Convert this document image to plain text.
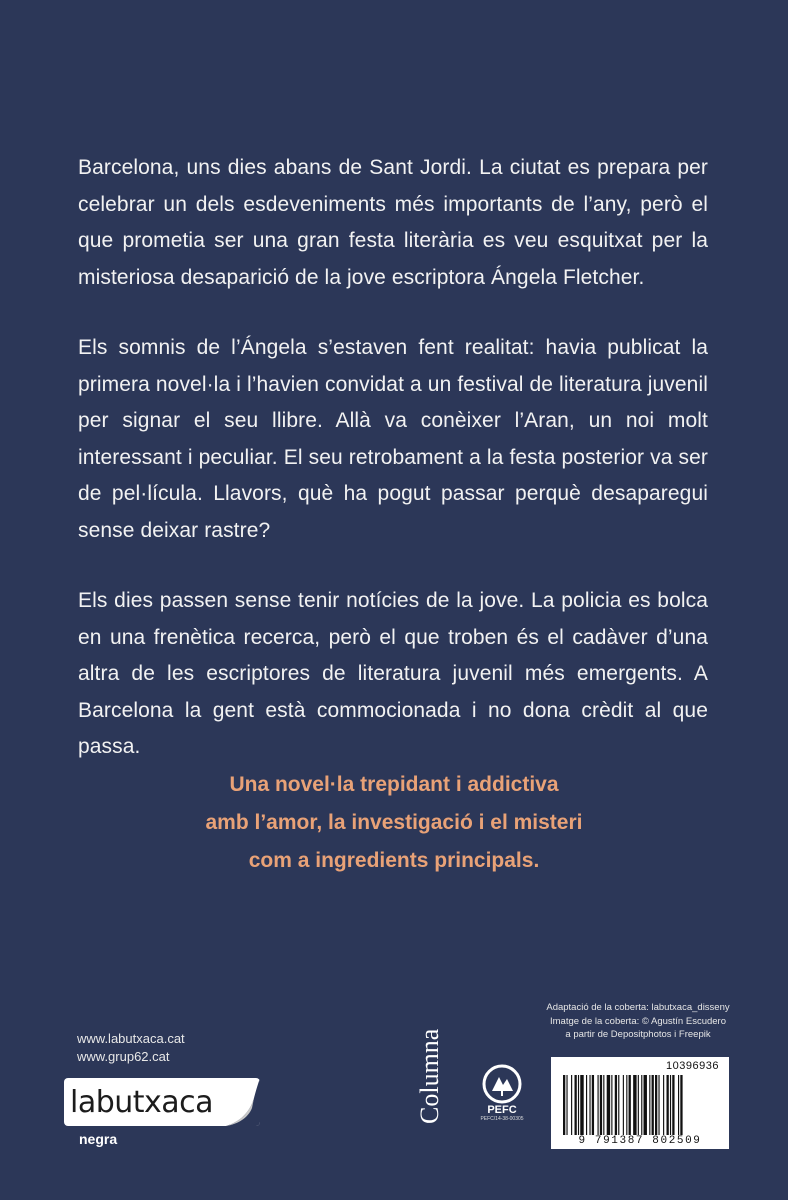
Barcelona, uns dies abans de Sant Jordi. La ciutat es prepara per celebrar un dels esdeveniments més importants de l’any, però el que prometia ser una gran festa literària es veu esquitxat per la misteriosa desaparició de la jove escriptora Ángela Fletcher.

Els somnis de l’Ángela s’estaven fent realitat: havia publicat la primera novel·la i l’havien convidat a un festival de literatura juvenil per signar el seu llibre. Allà va conèixer l’Aran, un noi molt interessant i peculiar. El seu retrobament a la festa posterior va ser de pel·lícula. Llavors, què ha pogut passar perquè desaparegui sense deixar rastre?

Els dies passen sense tenir notícies de la jove. La policia es bolca en una frenètica recerca, però el que troben és el cadàver d’una altra de les escriptores de literatura juvenil més emergents. A Barcelona la gent està commocionada i no dona crèdit al que passa.

Una novel·la trepidant i addictiva
amb l’amor, la investigació i el misteri
com a ingredients principals.
www.labutxaca.cat
www.grup62.cat
labutxaca
negra
Columna	PEFC
PEFC/14-38-00305
Adaptació de la coberta: labutxaca_disseny
Imatge de la coberta: © Agustín Escudero
a partir de Depositphotos i Freepik
10396936
9 791387 802509
